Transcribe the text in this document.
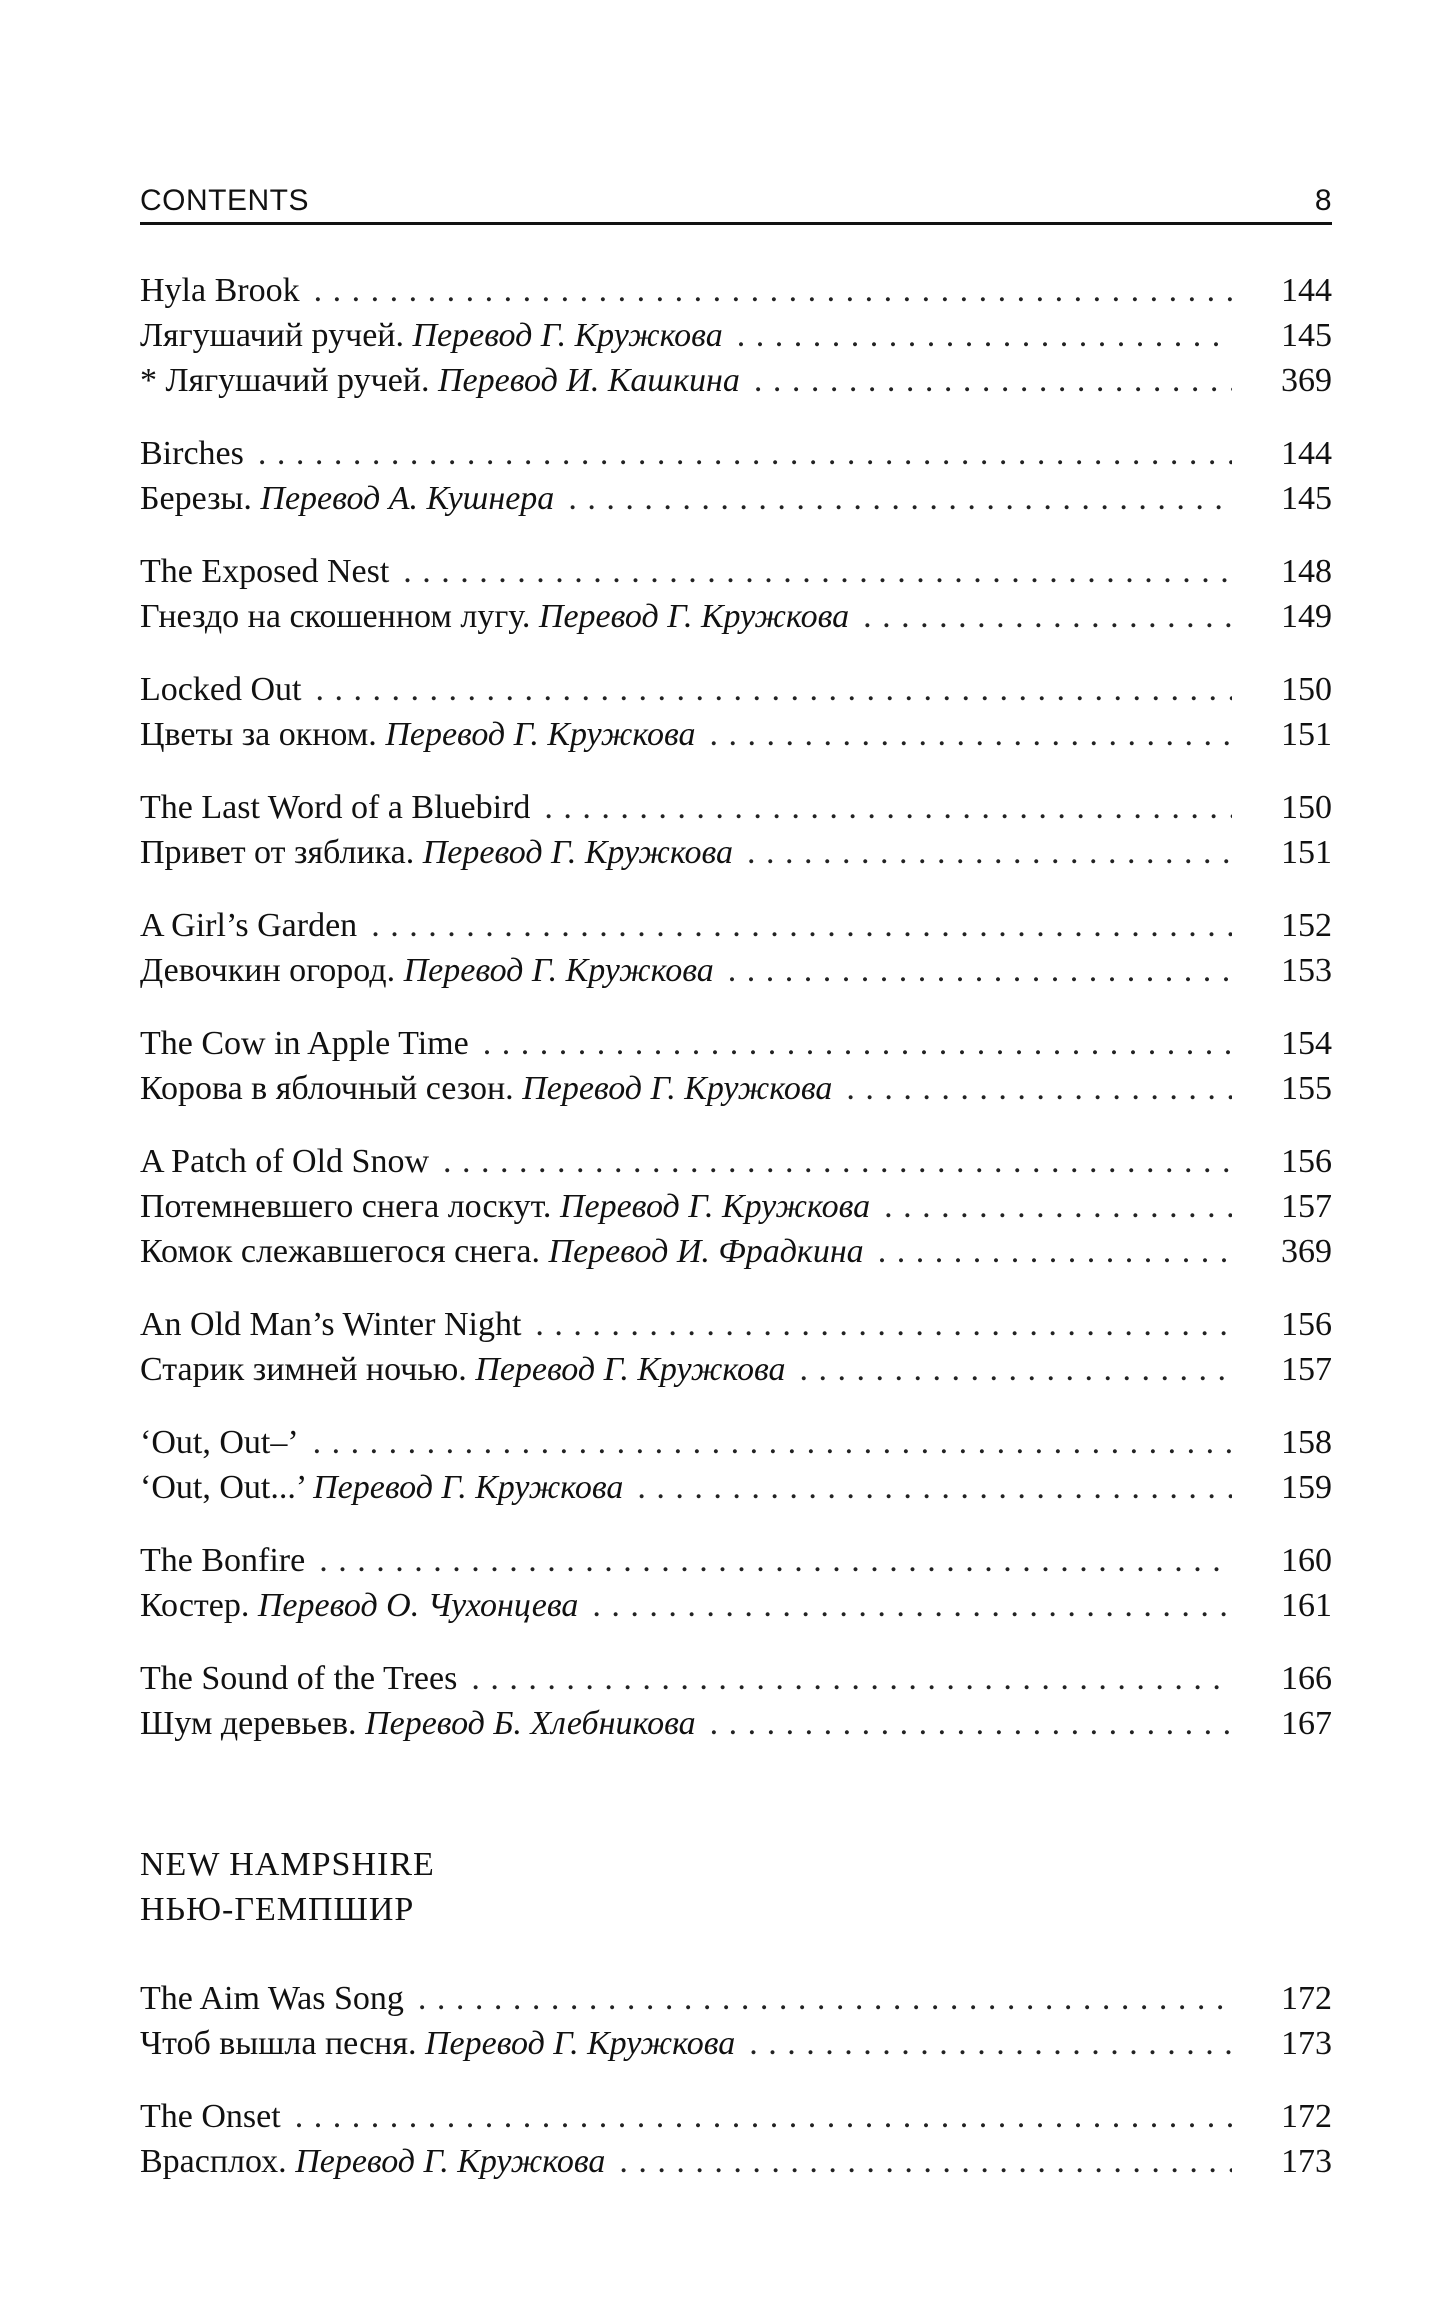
CONTENTS	8
Hyla Brook . . .	144
Лягушачий ручей. Перевод Г. Кружкова . . .	145
* Лягушачий ручей. Перевод И. Кашкина . . .	369
Birches . . .	144
Березы. Перевод А. Кушнера . . .	145
The Exposed Nest . . .	148
Гнездо на скошенном лугу. Перевод Г. Кружкова . . .	149
Locked Out . . .	150
Цветы за окном. Перевод Г. Кружкова . . .	151
The Last Word of a Bluebird . . .	150
Привет от зяблика. Перевод Г. Кружкова . . .	151
A Girl’s Garden . . .	152
Девочкин огород. Перевод Г. Кружкова . . .	153
The Cow in Apple Time . . .	154
Корова в яблочный сезон. Перевод Г. Кружкова . . .	155
A Patch of Old Snow . . .	156
Потемневшего снега лоскут. Перевод Г. Кружкова . . .	157
Комок слежавшегося снега. Перевод И. Фрадкина . . .	369
An Old Man’s Winter Night . . .	156
Старик зимней ночью. Перевод Г. Кружкова . . .	157
‘Out, Out–’ . . .	158
‘Out, Out...’ Перевод Г. Кружкова . . .	159
The Bonfire . . .	160
Костер. Перевод О. Чухонцева . . .	161
The Sound of the Trees . . .	166
Шум деревьев. Перевод Б. Хлебникова . . .	167
NEW HAMPSHIRE
НЬЮ-ГЕМПШИР
The Aim Was Song . . .	172
Чтоб вышла песня. Перевод Г. Кружкова . . .	173
The Onset . . .	172
Врасплох. Перевод Г. Кружкова . . .	173
